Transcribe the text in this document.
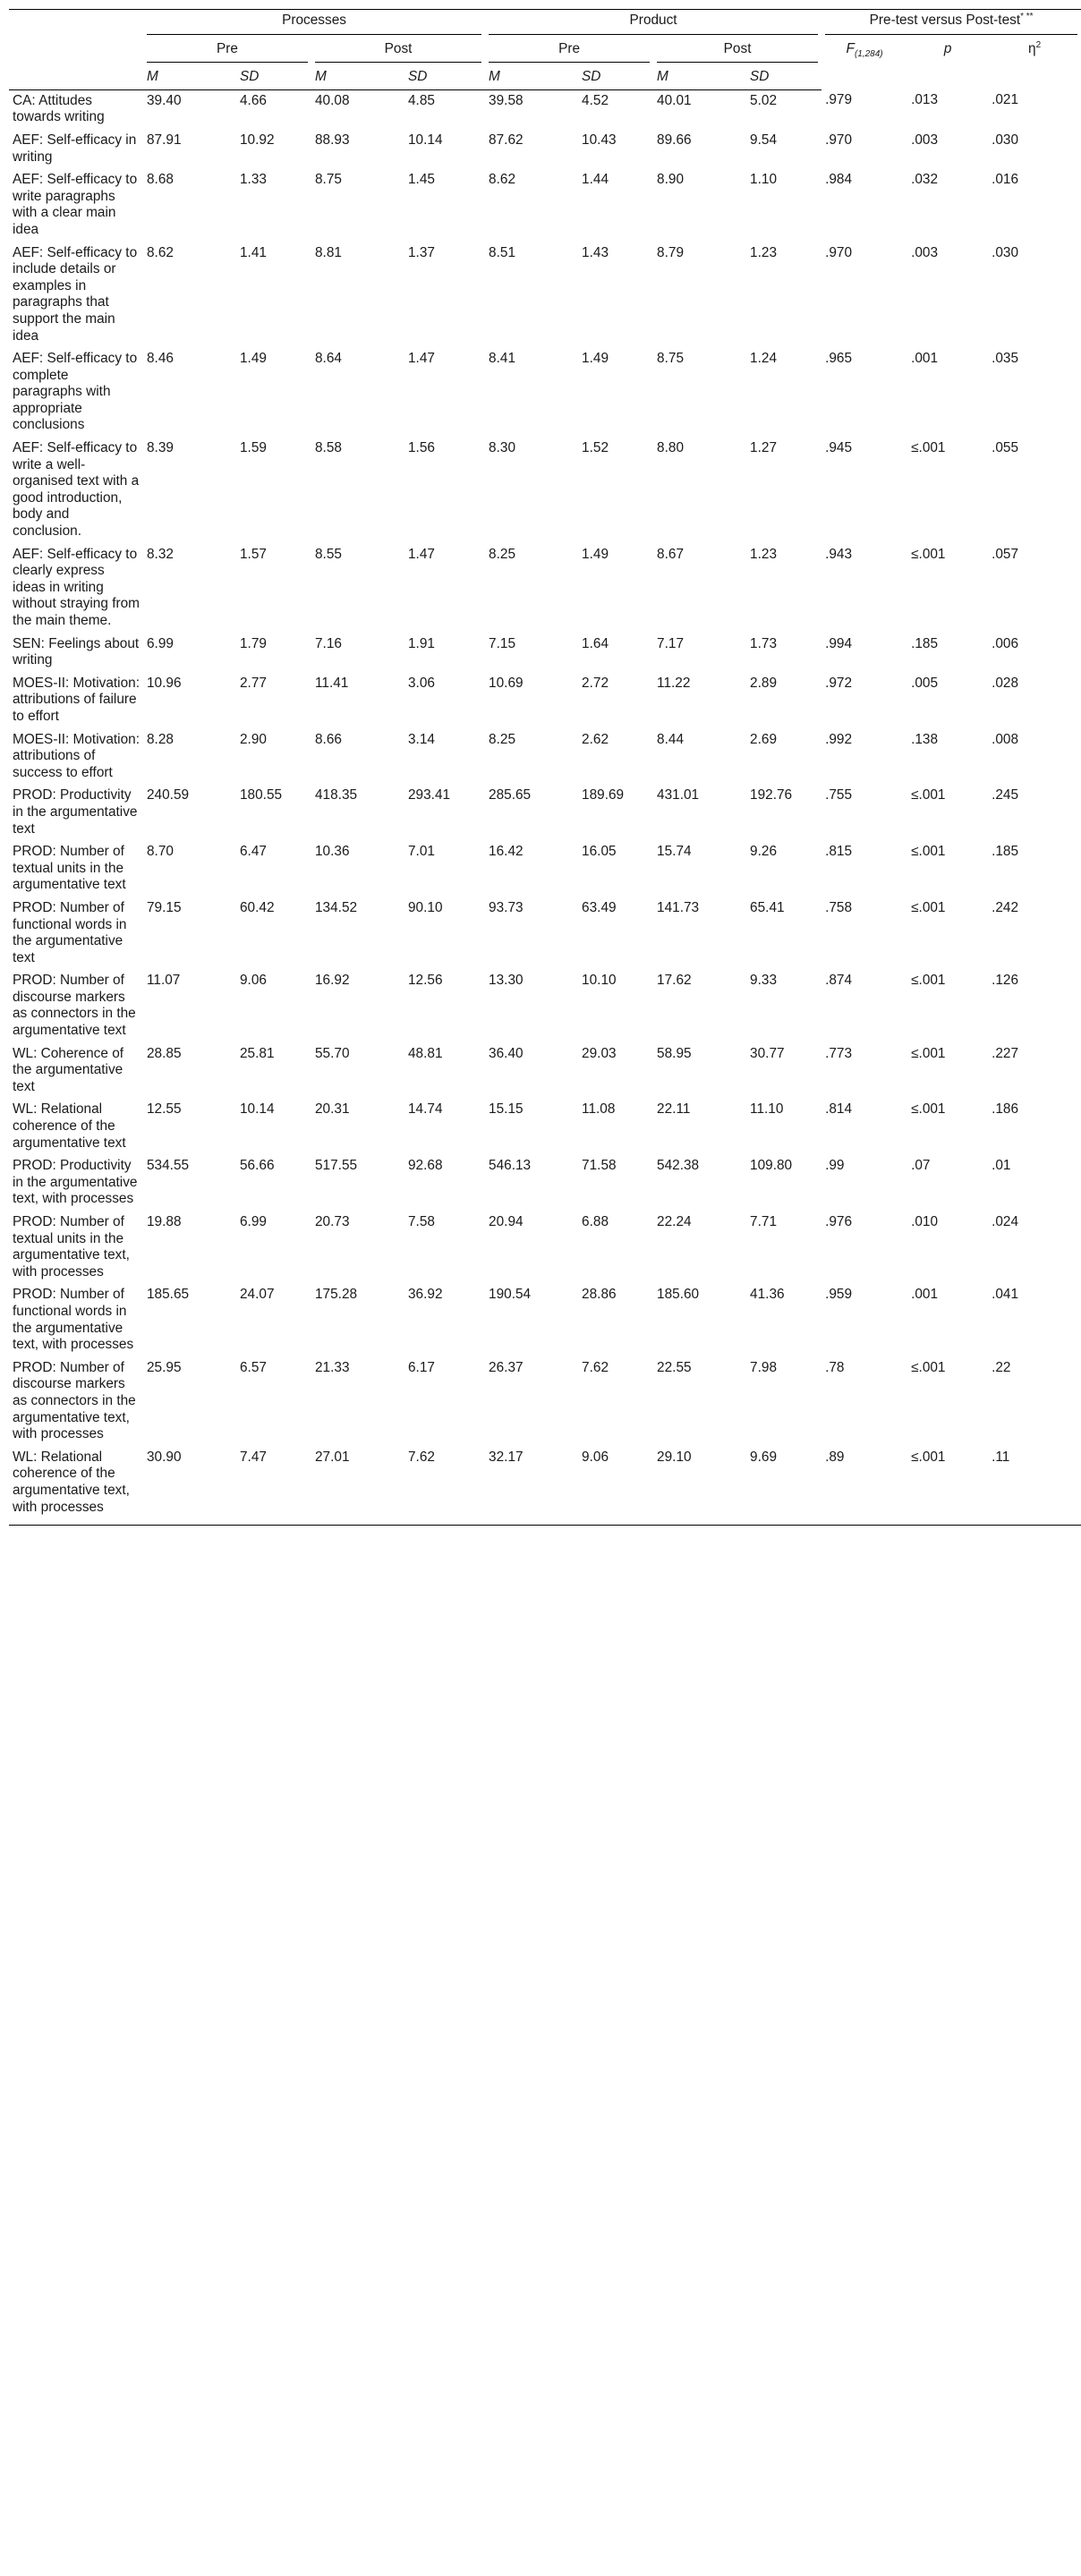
	Processes				Product				Pre-test versus Post-test* **

	Pre		Post		Pre		Post		$F_{(1,284)}$	p	$\eta^2$
	M	SD	M	SD	M	SD	M	SD			
CA: Attitudes towards writing	39.40	4.66	40.08	4.85	39.58	4.52	40.01	5.02	.979	.013	.021
AEF: Self-efficacy in writing	87.91	10.92	88.93	10.14	87.62	10.43	89.66	9.54	.970	.003	.030
AEF: Self-efficacy to write paragraphs with a clear main idea	8.68	1.33	8.75	1.45	8.62	1.44	8.90	1.10	.984	.032	.016
AEF: Self-efficacy to include details or examples in paragraphs that support the main idea	8.62	1.41	8.81	1.37	8.51	1.43	8.79	1.23	.970	.003	.030
AEF: Self-efficacy to complete paragraphs with appropriate conclusions	8.46	1.49	8.64	1.47	8.41	1.49	8.75	1.24	.965	.001	.035
AEF: Self-efficacy to write a well-organised text with a good introduction, body and conclusion.	8.39	1.59	8.58	1.56	8.30	1.52	8.80	1.27	.945	≤.001	.055
AEF: Self-efficacy to clearly express ideas in writing without straying from the main theme.	8.32	1.57	8.55	1.47	8.25	1.49	8.67	1.23	.943	≤.001	.057
SEN: Feelings about writing	6.99	1.79	7.16	1.91	7.15	1.64	7.17	1.73	.994	.185	.006
MOES-II: Motivation: attributions of failure to effort	10.96	2.77	11.41	3.06	10.69	2.72	11.22	2.89	.972	.005	.028
MOES-II: Motivation: attributions of success to effort	8.28	2.90	8.66	3.14	8.25	2.62	8.44	2.69	.992	.138	.008
PROD: Productivity in the argumentative text	240.59	180.55	418.35	293.41	285.65	189.69	431.01	192.76	.755	≤.001	.245
PROD: Number of textual units in the argumentative text	8.70	6.47	10.36	7.01	16.42	16.05	15.74	9.26	.815	≤.001	.185
PROD: Number of functional words in the argumentative text	79.15	60.42	134.52	90.10	93.73	63.49	141.73	65.41	.758	≤.001	.242
PROD: Number of discourse markers as connectors in the argumentative text	11.07	9.06	16.92	12.56	13.30	10.10	17.62	9.33	.874	≤.001	.126
WL: Coherence of the argumentative text	28.85	25.81	55.70	48.81	36.40	29.03	58.95	30.77	.773	≤.001	.227
WL: Relational coherence of the argumentative text	12.55	10.14	20.31	14.74	15.15	11.08	22.11	11.10	.814	≤.001	.186
PROD: Productivity in the argumentative text, with processes	534.55	56.66	517.55	92.68	546.13	71.58	542.38	109.80	.99	.07	.01
PROD: Number of textual units in the argumentative text, with processes	19.88	6.99	20.73	7.58	20.94	6.88	22.24	7.71	.976	.010	.024
PROD: Number of functional words in the argumentative text, with processes	185.65	24.07	175.28	36.92	190.54	28.86	185.60	41.36	.959	.001	.041
PROD: Number of discourse markers as connectors in the argumentative text, with processes	25.95	6.57	21.33	6.17	26.37	7.62	22.55	7.98	.78	≤.001	.22
WL: Relational coherence of the argumentative text, with processes	30.90	7.47	27.01	7.62	32.17	9.06	29.10	9.69	.89	≤.001	.11
